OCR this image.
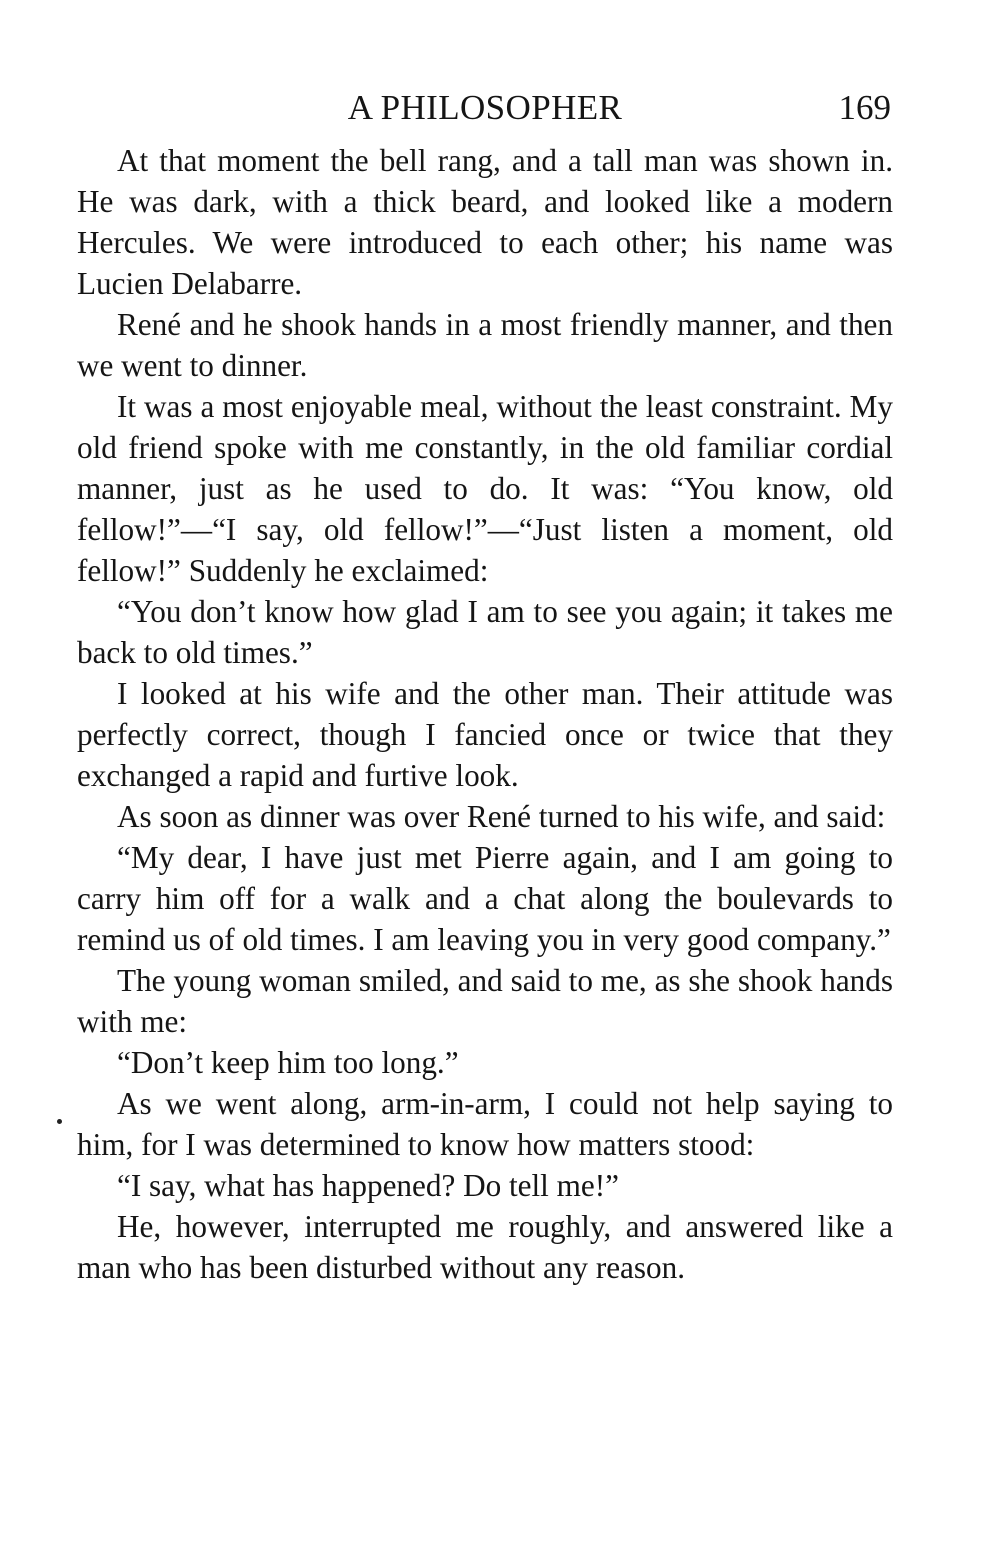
A PHILOSOPHER	169

At that moment the bell rang, and a tall man was shown in. He was dark, with a thick beard, and looked like a modern Hercules. We were introduced to each other; his name was Lucien Delabarre.

René and he shook hands in a most friendly manner, and then we went to dinner.

It was a most enjoyable meal, without the least constraint. My old friend spoke with me constantly, in the old familiar cordial manner, just as he used to do. It was: “You know, old fellow!”—“I say, old fellow!”—“Just listen a moment, old fellow!” Suddenly he exclaimed:

“You don’t know how glad I am to see you again; it takes me back to old times.”

I looked at his wife and the other man. Their attitude was perfectly correct, though I fancied once or twice that they exchanged a rapid and furtive look.

As soon as dinner was over René turned to his wife, and said:

“My dear, I have just met Pierre again, and I am going to carry him off for a walk and a chat along the boulevards to remind us of old times. I am leaving you in very good company.”

The young woman smiled, and said to me, as she shook hands with me:

“Don’t keep him too long.”

As we went along, arm-in-arm, I could not help saying to him, for I was determined to know how matters stood:

“I say, what has happened? Do tell me!”

He, however, interrupted me roughly, and answered like a man who has been disturbed without any reason.
